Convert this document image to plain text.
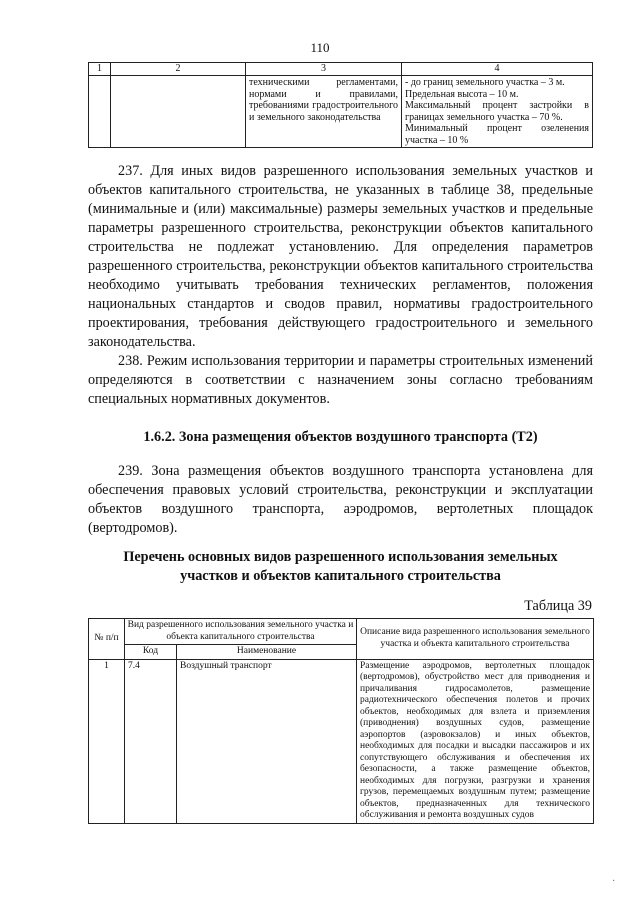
110
1	2	3	4
		техническими регламентами, нормами и правилами, требованиями градостроительного и земельного законодательства	- до границ земельного участка – 3 м.
Предельная высота – 10 м.
Максимальный процент застройки в границах земельного участка – 70 %.
Минимальный процент озеленения участка – 10 %

237. Для иных видов разрешенного использования земельных участков и объектов капитального строительства, не указанных в таблице 38, предельные (минимальные и (или) максимальные) размеры земельных участков и предельные параметры разрешенного строительства, реконструкции объектов капитального строительства не подлежат установлению. Для определения параметров разрешенного строительства, реконструкции объектов капитального строительства необходимо учитывать требования технических регламентов, положения национальных стандартов и сводов правил, нормативы градостроительного проектирования, требования действующего градостроительного и земельного законодательства.

238. Режим использования территории и параметры строительных изменений определяются в соответствии с назначением зоны согласно требованиям специальных нормативных документов.

1.6.2. Зона размещения объектов воздушного транспорта (Т2)

239. Зона размещения объектов воздушного транспорта установлена для обеспечения правовых условий строительства, реконструкции и эксплуатации объектов воздушного транспорта, аэродромов, вертолетных площадок (вертодромов).

Перечень основных видов разрешенного использования земельных участков и объектов капитального строительства
Таблица 39
№ п/п	Вид разрешенного использования земельного участка и объекта капитального строительства		Описание вида разрешенного использования земельного участка и объекта капитального строительства
	Код	Наименование	
1	7.4	Воздушный транспорт	Размещение аэродромов, вертолетных площадок (вертодромов), обустройство мест для приводнения и причаливания гидросамолетов, размещение радиотехнического обеспечения полетов и прочих объектов, необходимых для взлета и приземления (приводнения) воздушных судов, размещение аэропортов (аэровокзалов) и иных объектов, необходимых для посадки и высадки пассажиров и их сопутствующего обслуживания и обеспечения их безопасности, а также размещение объектов, необходимых для погрузки, разгрузки и хранения грузов, перемещаемых воздушным путем; размещение объектов, предназначенных для технического обслуживания и ремонта воздушных судов
·
